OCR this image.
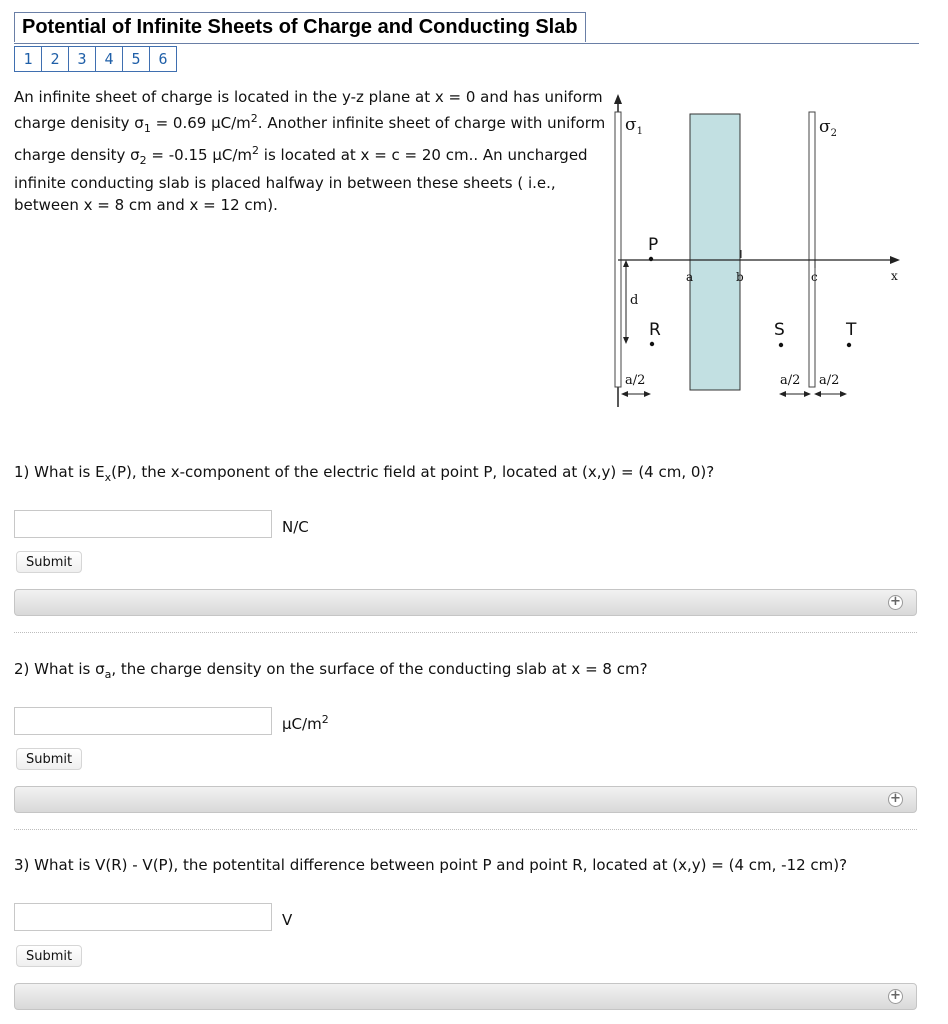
Potential of Infinite Sheets of Charge and Conducting Slab
1	2	3	4	5	6
An infinite sheet of charge is located in the y-z plane at x = 0 and has uniform
charge denisity $\sigma_1 = 0.69$ $\mu C/m^2$. Another infinite sheet of charge with uniform
charge density $\sigma_2 = -0.15$ $\mu C/m^2$ is located at x = c = 20 cm.. An uncharged
infinite conducting slab is placed halfway in between these sheets ( i.e.,
between x = 8 cm and x = 12 cm).
$\sigma_1$	$\sigma_2$
P
R	S	T
a	b	c	x
d
a/2	a/2 a/2
1) What is $E_x(P)$, the x-component of the electric field at point P, located at (x,y) = (4 cm, 0)?
N/C
Submit
+
2) What is $\sigma_a$, the charge density on the surface of the conducting slab at x = 8 cm?
$\mu C/m^2$
Submit
+
3) What is V(R) - V(P), the potentital difference between point P and point R, located at (x,y) = (4 cm, -12 cm)?
V
Submit
+
